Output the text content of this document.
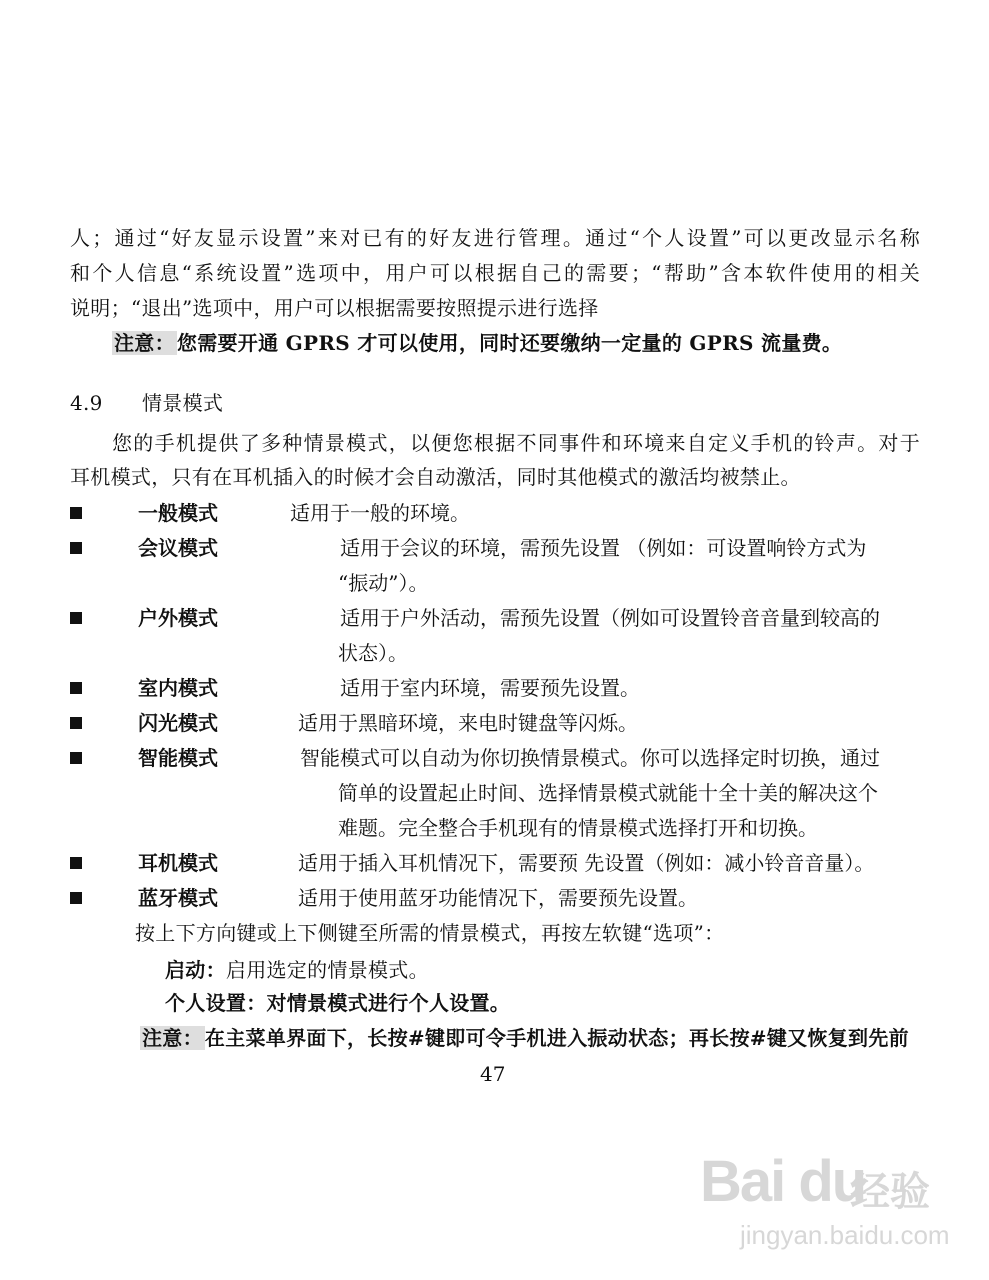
人；通过“好友显示设置”来对已有的好友进行管理。通过“个人设置”可以更改显示名称
和个人信息“系统设置”选项中，用户可以根据自己的需要；“帮助”含本软件使用的相关
说明；“退出”选项中，用户可以根据需要按照提示进行选择
注意： 您需要开通 GPRS 才可以使用，同时还要缴纳一定量的 GPRS 流量费。
4.9 情景模式
您的手机提供了多种情景模式，以便您根据不同事件和环境来自定义手机的铃声。对于
耳机模式，只有在耳机插入的时候才会自动激活，同时其他模式的激活均被禁止。
一般模式	适用于一般的环境。
会议模式	适用于会议的环境，需预先设置 （例如：可设置响铃方式为
“振动”）。
户外模式	适用于户外活动，需预先设置（例如可设置铃音音量到较高的
状态）。
室内模式	适用于室内环境，需要预先设置。
闪光模式	适用于黑暗环境，来电时键盘等闪烁。
智能模式	智能模式可以自动为你切换情景模式。你可以选择定时切换，通过
简单的设置起止时间、选择情景模式就能十全十美的解决这个
难题。完全整合手机现有的情景模式选择打开和切换。
耳机模式	适用于插入耳机情况下，需要预 先设置（例如：减小铃音音量）。
蓝牙模式	适用于使用蓝牙功能情况下，需要预先设置。
按上下方向键或上下侧键至所需的情景模式，再按左软键“选项”：
启动：启用选定的情景模式。
个人设置：对情景模式进行个人设置。
注意： 在主菜单界面下，长按#键即可令手机进入振动状态；再长按#键又恢复到先前
47
Bai du
经验
jingyan.baidu.com
